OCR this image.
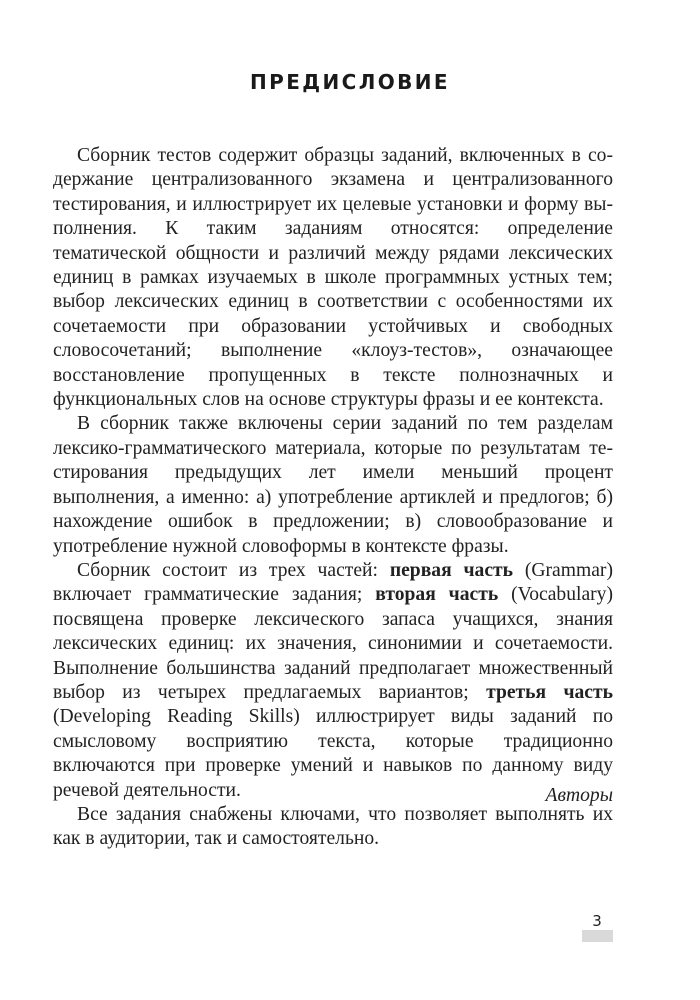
ПРЕДИСЛОВИЕ

Сборник тестов содержит образцы заданий, включенных в содержание централизованного экзамена и централизованного тестирования, и иллюстрирует их целевые установки и форму выполнения. К таким заданиям относятся: определение тематической общности и различий между рядами лексических единиц в рамках изучаемых в школе программных устных тем; выбор лексических единиц в соответствии с особенностями их сочетаемости при образовании устойчивых и свободных словосочетаний; выполнение «клоуз-тестов», означающее восстановление пропущенных в тексте полнозначных и функциональных слов на основе структуры фразы и ее контекста.

В сборник также включены серии заданий по тем разделам лексико-грамматического материала, которые по результатам тестирования предыдущих лет имели меньший процент выполнения, а именно: а) употребление артиклей и предлогов; б) нахождение ошибок в предложении; в) словообразование и употребление нужной словоформы в контексте фразы.

Сборник состоит из трех частей: первая часть (Grammar) включает грамматические задания; вторая часть (Vocabulary) посвящена проверке лексического запаса учащихся, знания лексических единиц: их значения, синонимии и сочетаемости. Выполнение большинства заданий предполагает множественный выбор из четырех предлагаемых вариантов; третья часть (Developing Reading Skills) иллюстрирует виды заданий по смысловому восприятию текста, которые традиционно включаются при проверке умений и навыков по данному виду речевой деятельности.

Все задания снабжены ключами, что позволяет выполнять их как в аудитории, так и самостоятельно.

Авторы
3
